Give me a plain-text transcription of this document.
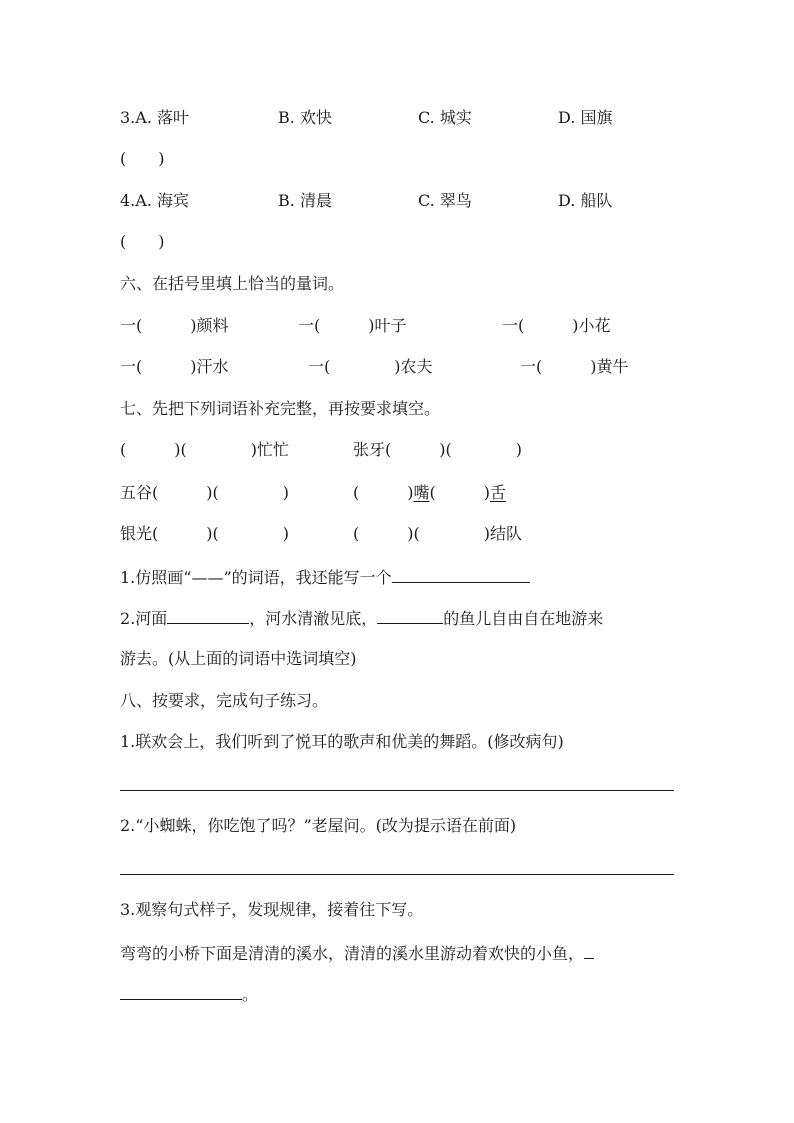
3.A. 落叶	B. 欢快	C. 城实	D. 国旗
(　　)
4.A. 海宾	B. 清晨	C. 翠鸟	D. 船队
(　　)
六、在括号里填上恰当的量词。
一(　　　)颜料	一(　　　)叶子	一(　　　)小花
一(　　　)汗水	一(　　　　)农夫	一(　　　)黄牛
七、先把下列词语补充完整，再按要求填空。
(　　　)(　　　　)忙忙	张牙(　　　)(　　　　)
五谷(　　　)(　　　　)	(　　　)嘴(　　　)舌
银光(　　　)(　　　　)	(　　　)(　　　　)结队
1.仿照画“——”的词语，我还能写一个
2.河面	，河水清澈见底，	的鱼儿自由自在地游来
游去。(从上面的词语中选词填空)
八、按要求，完成句子练习。
1.联欢会上，我们听到了悦耳的歌声和优美的舞蹈。(修改病句)
2.“小蜘蛛，你吃饱了吗？”老屋问。(改为提示语在前面)
3.观察句式样子，发现规律，接着往下写。
弯弯的小桥下面是清清的溪水，清清的溪水里游动着欢快的小鱼，
。
